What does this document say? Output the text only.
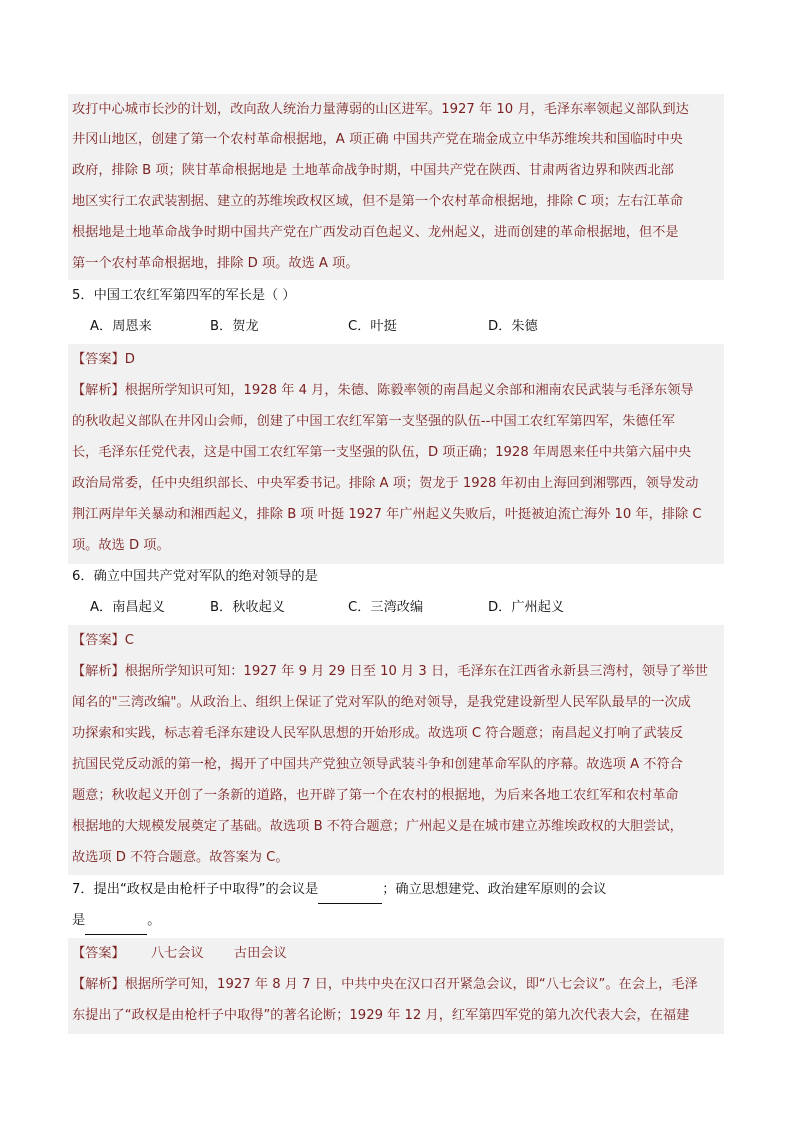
攻打中心城市长沙的计划，改向敌人统治力量薄弱的山区进军。1927 年 10 月，毛泽东率领起义部队到达
井冈山地区，创建了第一个农村革命根据地，A 项正确 中国共产党在瑞金成立中华苏维埃共和国临时中央
政府，排除 B 项；陕甘革命根据地是 土地革命战争时期，中国共产党在陕西、甘肃两省边界和陕西北部
地区实行工农武装割据、建立的苏维埃政权区域，但不是第一个农村革命根据地，排除 C 项；左右江革命
根据地是土地革命战争时期中国共产党在广西发动百色起义、龙州起义，进而创建的革命根据地，但不是
第一个农村革命根据地，排除 D 项。故选 A 项。
5．中国工农红军第四军的军长是（ ）
A．周恩来	B．贺龙	C．叶挺	D．朱德
【答案】D
【解析】根据所学知识可知，1928 年 4 月，朱德、陈毅率领的南昌起义余部和湘南农民武装与毛泽东领导
的秋收起义部队在井冈山会师，创建了中国工农红军第一支坚强的队伍--中国工农红军第四军，朱德任军
长，毛泽东任党代表，这是中国工农红军第一支坚强的队伍，D 项正确；1928 年周恩来任中共第六届中央
政治局常委，任中央组织部长、中央军委书记。排除 A 项；贺龙于 1928 年初由上海回到湘鄂西，领导发动
荆江两岸年关暴动和湘西起义，排除 B 项 叶挺 1927 年广州起义失败后，叶挺被迫流亡海外 10 年，排除 C
项。故选 D 项。
6．确立中国共产党对军队的绝对领导的是
A．南昌起义	B．秋收起义	C．三湾改编	D．广州起义
【答案】C
【解析】根据所学知识可知：1927 年 9 月 29 日至 10 月 3 日，毛泽东在江西省永新县三湾村，领导了举世
闻名的"三湾改编"。从政治上、组织上保证了党对军队的绝对领导，是我党建设新型人民军队最早的一次成
功探索和实践，标志着毛泽东建设人民军队思想的开始形成。故选项 C 符合题意；南昌起义打响了武装反
抗国民党反动派的第一枪，揭开了中国共产党独立领导武装斗争和创建革命军队的序幕。故选项 A 不符合
题意；秋收起义开创了一条新的道路，也开辟了第一个在农村的根据地，为后来各地工农红军和农村革命
根据地的大规模发展奠定了基础。故选项 B 不符合题意；广州起义是在城市建立苏维埃政权的大胆尝试，
故选项 D 不符合题意。故答案为 C。
7．提出“政权是由枪杆子中取得”的会议是	；确立思想建党、政治建军原则的会议
是	。
【答案】 八七会议 古田会议
【解析】根据所学可知，1927 年 8 月 7 日，中共中央在汉口召开紧急会议，即“八七会议”。在会上，毛泽
东提出了“政权是由枪杆子中取得”的著名论断；1929 年 12 月，红军第四军党的第九次代表大会，在福建
